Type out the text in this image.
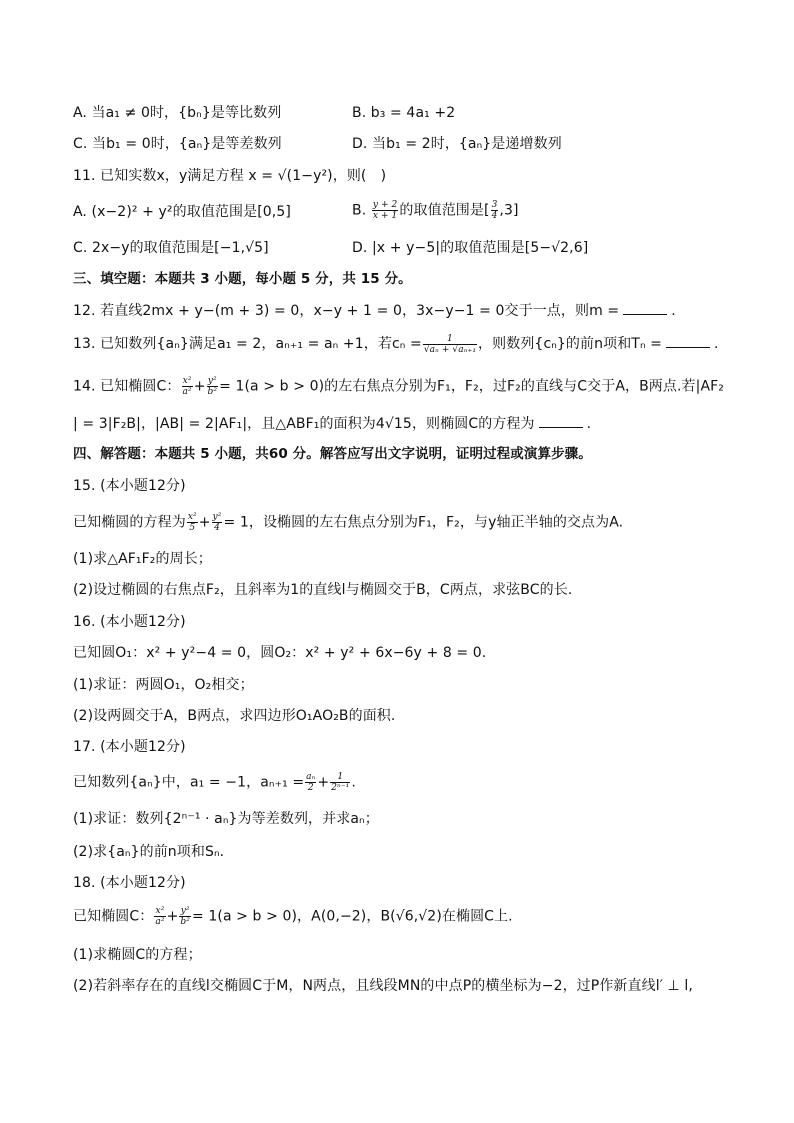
A. 当a₁ ≠ 0时，{bₙ}是等比数列	B. b₃ = 4a₁ +2
C. 当b₁ = 0时，{aₙ}是等差数列	D. 当b₁ = 2时，{aₙ}是递增数列
11. 已知实数x，y满足方程 x = √(1−y²)，则(　)
A. (x−2)² + y²的取值范围是[0,5]	B. $\frac{y + 2}{x + 1}$ 的取值范围是[ $\frac{3}{4} ,3$]
C. 2x−y的取值范围是[−1,√5]	D. |x + y−5|的取值范围是[5−√2,6]
三、填空题：本题共 3 小题，每小题 5 分，共 15 分。
12. 若直线2mx + y−(m + 3) = 0，x−y + 1 = 0，3x−y−1 = 0交于一点，则m =	.
13. 已知数列{aₙ}满足a₁ = 2，aₙ₊₁ = aₙ +1，若$c_n = \frac{1}{\text{√aₙ + √aₙ₊₁}}$ ，则数列{cₙ}的前n项和Tₙ =	.
14. 已知椭圆C： $\frac{\text{x²}}{\text{a²}} + \frac{\text{y²}}{\text{b²}} = 1(a > b > 0)$的左右焦点分别为F₁，F₂，过F₂的直线与C交于A，B两点.若|AF₂
| = 3|F₂B|，|AB| = 2|AF₁|，且△ABF₁的面积为4√15，则椭圆C的方程为	.
四、解答题：本题共 5 小题，共60 分。解答应写出文字说明，证明过程或演算步骤。
15. (本小题12分)
已知椭圆的方程为 $\frac{\text{x²}}{5} + \frac{\text{y²}}{4} = 1$，设椭圆的左右焦点分别为F₁，F₂，与y轴正半轴的交点为A.
(1)求△AF₁F₂的周长；
(2)设过椭圆的右焦点F₂，且斜率为1的直线l与椭圆交于B，C两点，求弦BC的长.
16. (本小题12分)
已知圆O₁：x² + y²−4 = 0，圆O₂：x² + y² + 6x−6y + 8 = 0.
(1)求证：两圆O₁，O₂相交；
(2)设两圆交于A，B两点，求四边形O₁AO₂B的面积.
17. (本小题12分)
已知数列{aₙ}中，a₁ = −1，$a_{n+1} = \frac{\text{aₙ}}{2} + \frac{1}{\text{2ⁿ⁻¹}}$ .
(1)求证：数列{2ⁿ⁻¹ · aₙ}为等差数列，并求aₙ；
(2)求{aₙ}的前n项和Sₙ.
18. (本小题12分)
已知椭圆C： $\frac{\text{x²}}{\text{a²}} + \frac{\text{y²}}{\text{b²}} = 1(a > b > 0)$，A(0,−2)，B(√6,√2)在椭圆C上.
(1)求椭圆C的方程；
(2)若斜率存在的直线l交椭圆C于M，N两点，且线段MN的中点P的横坐标为−2，过P作新直线l′ ⊥ l,
